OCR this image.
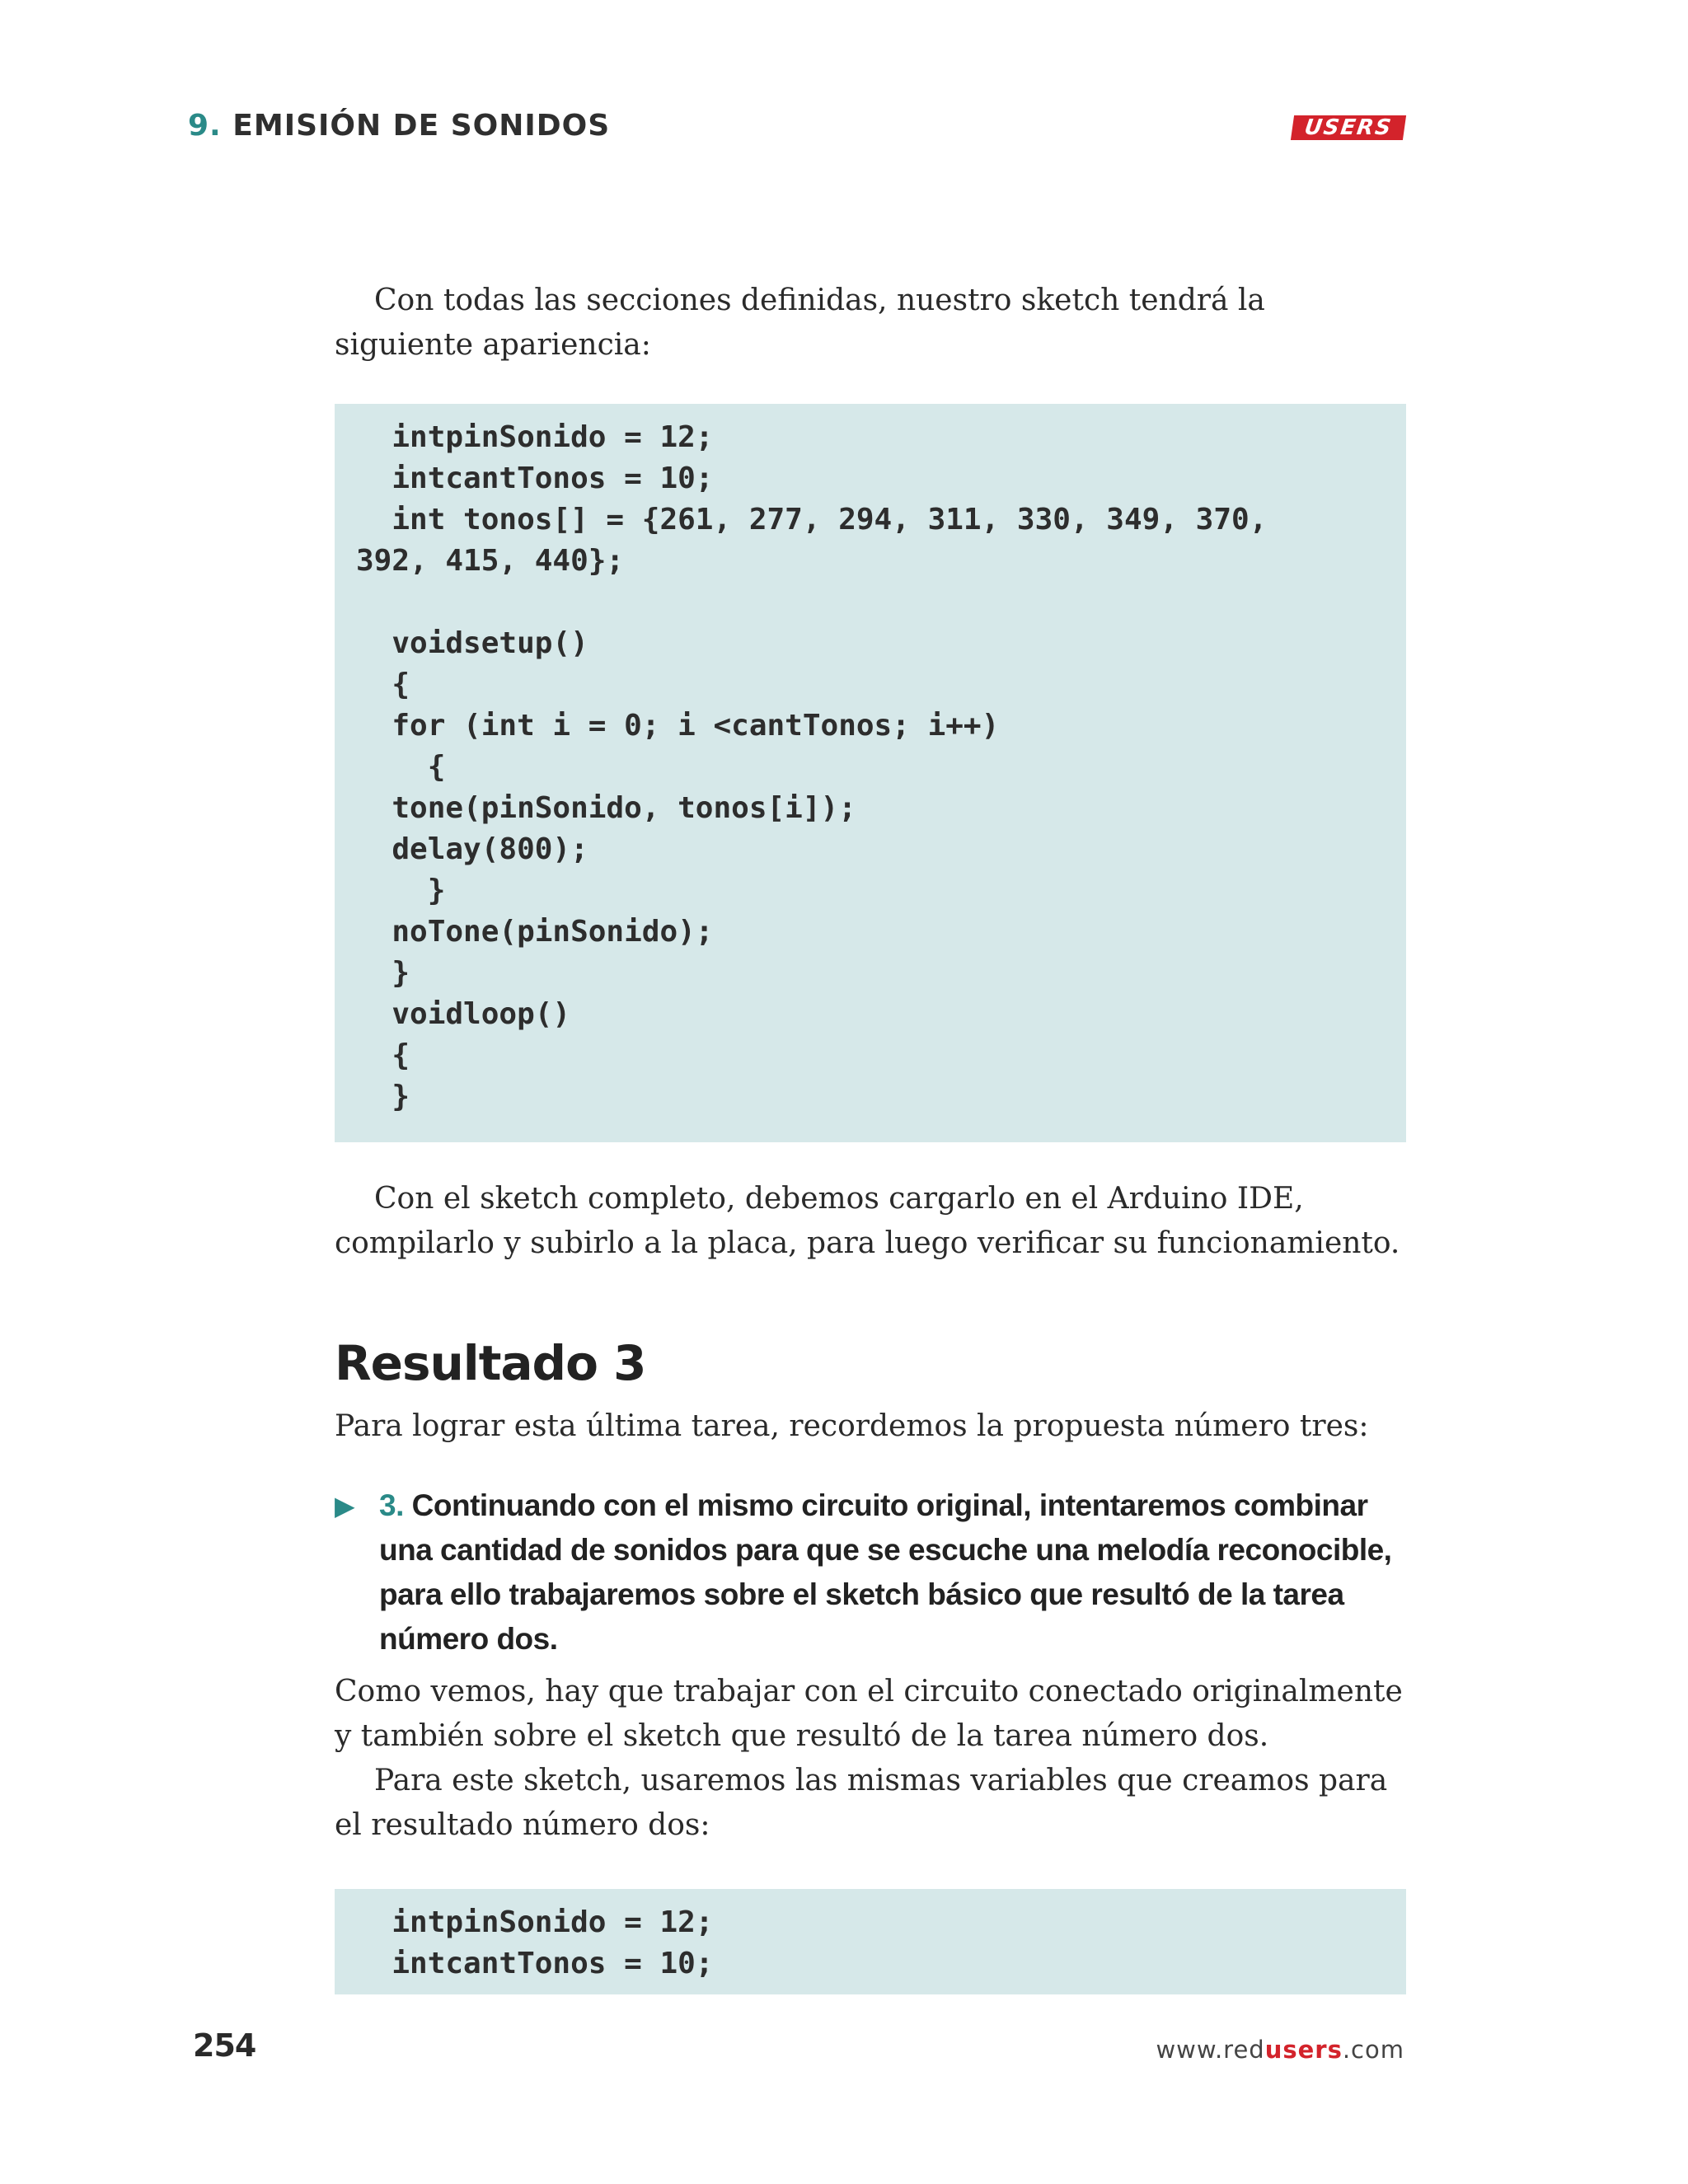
9. EMISIÓN DE SONIDOS	USERS

Con todas las secciones definidas, nuestro sketch tendrá la siguiente apariencia:

intpinSonido = 12;
intcantTonos = 10;
int tonos[] = {261, 277, 294, 311, 330, 349, 370,
392, 415, 440};
voidsetup()
{
for (int i = 0; i <cantTonos; i++)
{
tone(pinSonido, tonos[i]);
delay(800);
}
noTone(pinSonido);
}
voidloop()
{
}

Con el sketch completo, debemos cargarlo en el Arduino IDE, compilarlo y subirlo a la placa, para luego verificar su funcionamiento.

Resultado 3

Para lograr esta última tarea, recordemos la propuesta número tres:

▶ 3. Continuando con el mismo circuito original, intentaremos combinar una cantidad de sonidos para que se escuche una melodía reconocible, para ello trabajaremos sobre el sketch básico que resultó de la tarea número dos.

Como vemos, hay que trabajar con el circuito conectado originalmente y también sobre el sketch que resultó de la tarea número dos.

Para este sketch, usaremos las mismas variables que creamos para el resultado número dos:

intpinSonido = 12;
intcantTonos = 10;
254	www.redusers.com
